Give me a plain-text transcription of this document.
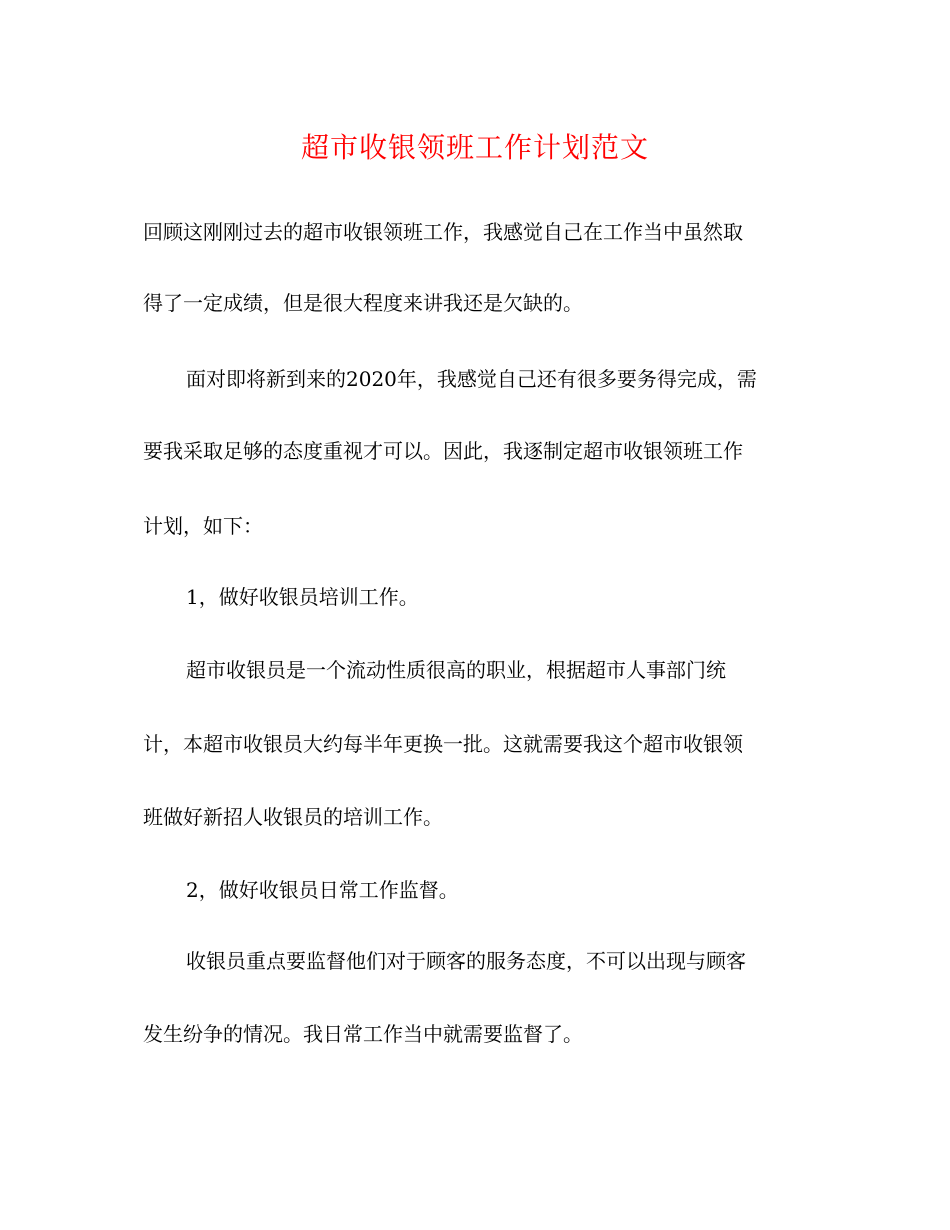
超市收银领班工作计划范文
回顾这刚刚过去的超市收银领班工作，我感觉自己在工作当中虽然取
得了一定成绩，但是很大程度来讲我还是欠缺的。
面对即将新到来的2020年，我感觉自己还有很多要务得完成，需
要我采取足够的态度重视才可以。因此，我逐制定超市收银领班工作
计划，如下：
1，做好收银员培训工作。
超市收银员是一个流动性质很高的职业，根据超市人事部门统
计，本超市收银员大约每半年更换一批。这就需要我这个超市收银领
班做好新招人收银员的培训工作。
2，做好收银员日常工作监督。
收银员重点要监督他们对于顾客的服务态度，不可以出现与顾客
发生纷争的情况。我日常工作当中就需要监督了。
